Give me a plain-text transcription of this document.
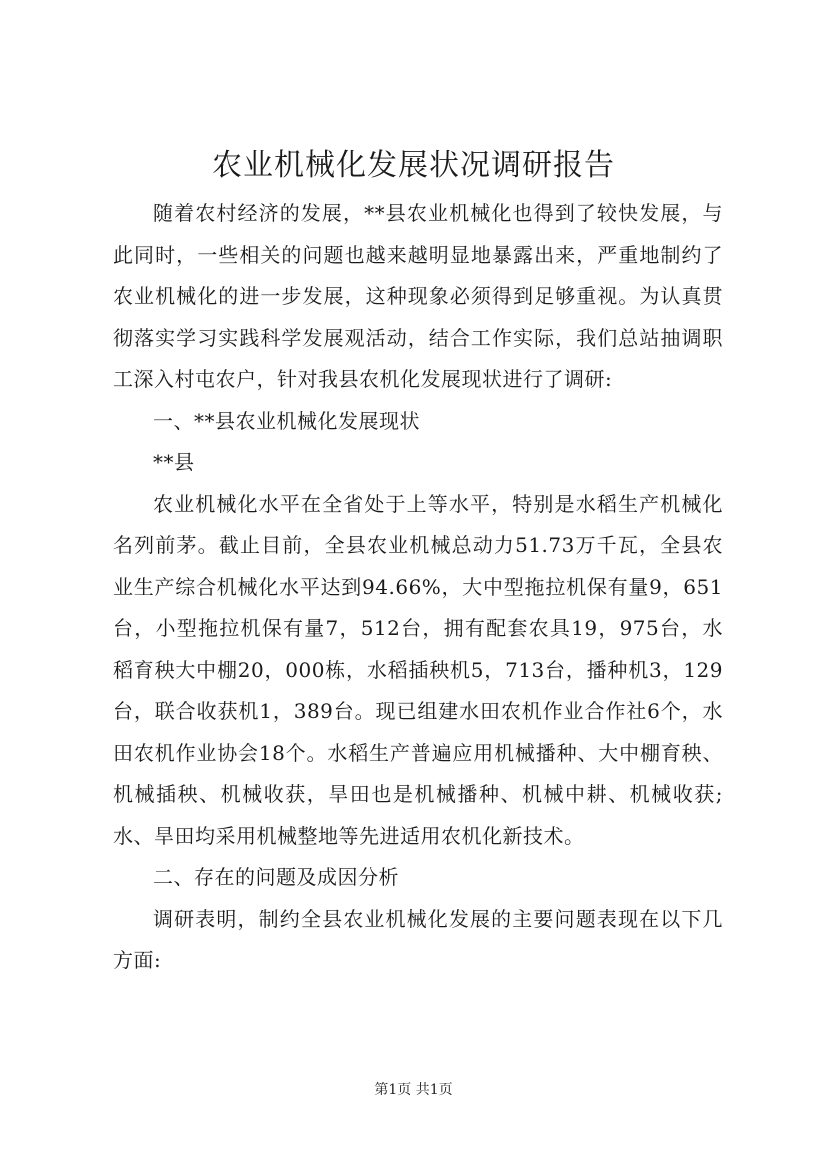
农业机械化发展状况调研报告

随着农村经济的发展，**县农业机械化也得到了较快发展，与此同时，一些相关的问题也越来越明显地暴露出来，严重地制约了农业机械化的进一步发展，这种现象必须得到足够重视。为认真贯彻落实学习实践科学发展观活动，结合工作实际，我们总站抽调职工深入村屯农户，针对我县农机化发展现状进行了调研:

一、**县农业机械化发展现状

**县

农业机械化水平在全省处于上等水平，特别是水稻生产机械化名列前茅。截止目前，全县农业机械总动力51.73万千瓦，全县农业生产综合机械化水平达到94.66%，大中型拖拉机保有量9，651台，小型拖拉机保有量7，512台，拥有配套农具19，975台，水稻育秧大中棚20，000栋，水稻插秧机5，713台，播种机3，129台，联合收获机1，389台。现已组建水田农机作业合作社6个，水田农机作业协会18个。水稻生产普遍应用机械播种、大中棚育秧、机械插秧、机械收获，旱田也是机械播种、机械中耕、机械收获;水、旱田均采用机械整地等先进适用农机化新技术。

二、存在的问题及成因分析

调研表明，制约全县农业机械化发展的主要问题表现在以下几方面:

第1页 共1页
